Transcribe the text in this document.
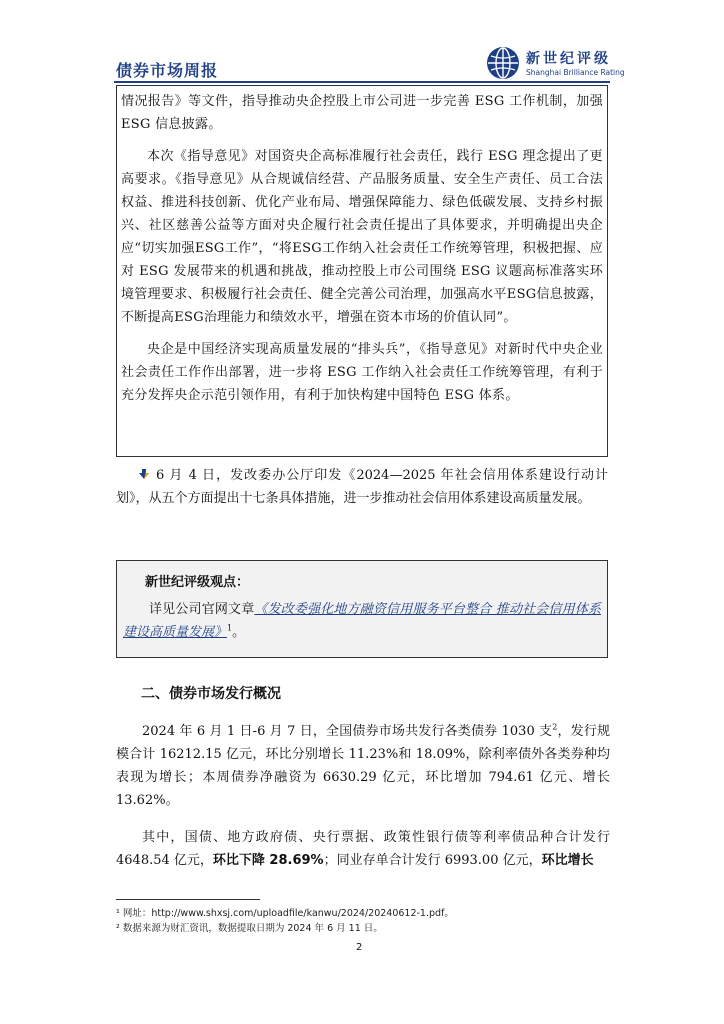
债券市场周报
新世纪评级
Shanghai Brilliance Rating

情况报告》等文件，指导推动央企控股上市公司进一步完善 ESG 工作机制，加强 ESG 信息披露。

本次《指导意见》对国资央企高标准履行社会责任，践行 ESG 理念提出了更高要求。《指导意见》从合规诚信经营、产品服务质量、安全生产责任、员工合法权益、推进科技创新、优化产业布局、增强保障能力、绿色低碳发展、支持乡村振兴、社区慈善公益等方面对央企履行社会责任提出了具体要求，并明确提出央企应“切实加强ESG工作”，“将ESG工作纳入社会责任工作统筹管理，积极把握、应对 ESG 发展带来的机遇和挑战，推动控股上市公司围绕 ESG 议题高标准落实环境管理要求、积极履行社会责任、健全完善公司治理，加强高水平ESG信息披露，不断提高ESG治理能力和绩效水平，增强在资本市场的价值认同”。

央企是中国经济实现高质量发展的“排头兵”，《指导意见》对新时代中央企业社会责任工作作出部署，进一步将 ESG 工作纳入社会责任工作统筹管理，有利于充分发挥央企示范引领作用，有利于加快构建中国特色 ESG 体系。

6 月 4 日，发改委办公厅印发《2024—2025 年社会信用体系建设行动计划》，从五个方面提出十七条具体措施，进一步推动社会信用体系建设高质量发展。

新世纪评级观点：

详见公司官网文章《发改委强化地方融资信用服务平台整合 推动社会信用体系建设高质量发展》$^1$。

二、债券市场发行概况

2024 年 6 月 1 日-6 月 7 日，全国债券市场共发行各类债券 1030 支$^2$，发行规模合计 16212.15 亿元，环比分别增长 11.23%和 18.09%，除利率债外各类券种均表现为增长；本周债券净融资为 6630.29 亿元，环比增加 794.61 亿元、增长 13.62%。

其中，国债、地方政府债、央行票据、政策性银行债等利率债品种合计发行 4648.54 亿元，环比下降 28.69%；同业存单合计发行 6993.00 亿元，环比增长

¹ 网址：http://www.shxsj.com/uploadfile/kanwu/2024/20240612-1.pdf。
² 数据来源为财汇资讯，数据提取日期为 2024 年 6 月 11 日。
2
